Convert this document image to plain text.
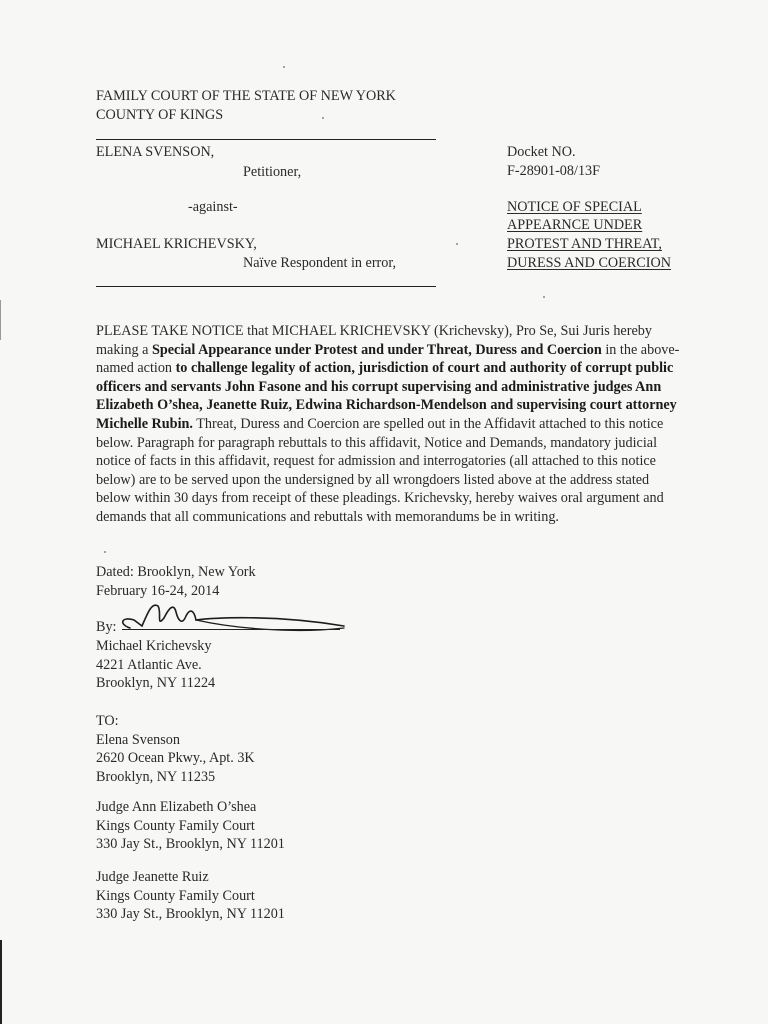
FAMILY COURT OF THE STATE OF NEW YORK
COUNTY OF KINGS
ELENA SVENSON,
Petitioner,
-against-
MICHAEL KRICHEVSKY,
Naïve Respondent in error,
Docket NO.
F-28901-08/13F
NOTICE OF SPECIAL
APPEARNCE UNDER
PROTEST AND THREAT,
DURESS AND COERCION
PLEASE TAKE NOTICE that MICHAEL KRICHEVSKY (Krichevsky), Pro Se, Sui Juris hereby making a Special Appearance under Protest and under Threat, Duress and Coercion in the above-named action to challenge legality of action, jurisdiction of court and authority of corrupt public officers and servants John Fasone and his corrupt supervising and administrative judges Ann Elizabeth O’shea, Jeanette Ruiz, Edwina Richardson-Mendelson and supervising court attorney Michelle Rubin. Threat, Duress and Coercion are spelled out in the Affidavit attached to this notice below. Paragraph for paragraph rebuttals to this affidavit, Notice and Demands, mandatory judicial notice of facts in this affidavit, request for admission and interrogatories (all attached to this notice below) are to be served upon the undersigned by all wrongdoers listed above at the address stated below within 30 days from receipt of these pleadings. Krichevsky, hereby waives oral argument and demands that all communications and rebuttals with memorandums be in writing.
Dated: Brooklyn, New York
February 16-24, 2014
By:
Michael Krichevsky
4221 Atlantic Ave.
Brooklyn, NY 11224
TO:
Elena Svenson
2620 Ocean Pkwy., Apt. 3K
Brooklyn, NY 11235
Judge Ann Elizabeth O’shea
Kings County Family Court
330 Jay St., Brooklyn, NY 11201
Judge Jeanette Ruiz
Kings County Family Court
330 Jay St., Brooklyn, NY 11201
